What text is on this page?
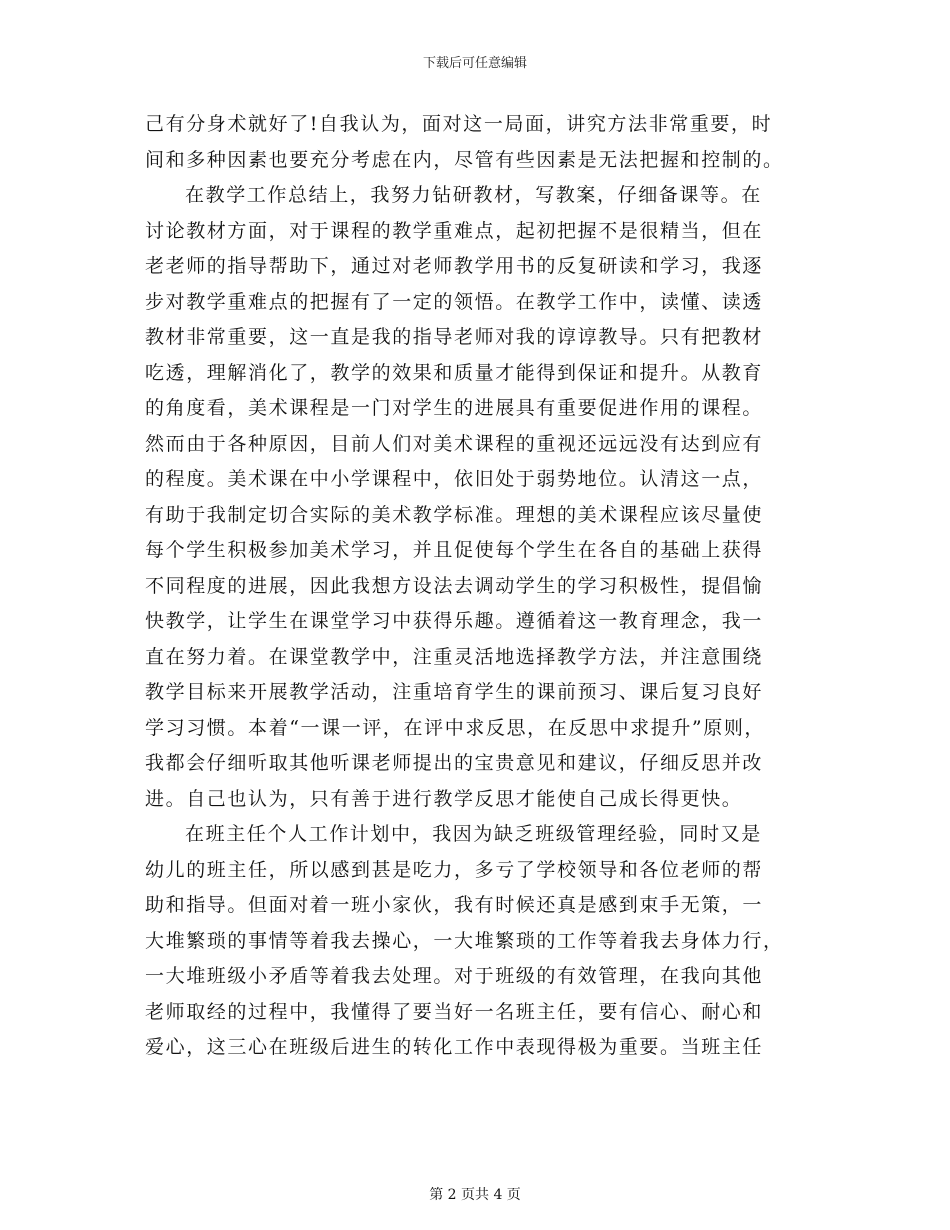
下载后可任意编辑
己有分身术就好了!自我认为，面对这一局面，讲究方法非常重要，时
间和多种因素也要充分考虑在内，尽管有些因素是无法把握和控制的。
在教学工作总结上，我努力钻研教材，写教案，仔细备课等。在
讨论教材方面，对于课程的教学重难点，起初把握不是很精当，但在
老老师的指导帮助下，通过对老师教学用书的反复研读和学习，我逐
步对教学重难点的把握有了一定的领悟。在教学工作中，读懂、读透
教材非常重要，这一直是我的指导老师对我的谆谆教导。只有把教材
吃透，理解消化了，教学的效果和质量才能得到保证和提升。从教育
的角度看，美术课程是一门对学生的进展具有重要促进作用的课程。
然而由于各种原因，目前人们对美术课程的重视还远远没有达到应有
的程度。美术课在中小学课程中，依旧处于弱势地位。认清这一点，
有助于我制定切合实际的美术教学标准。理想的美术课程应该尽量使
每个学生积极参加美术学习，并且促使每个学生在各自的基础上获得
不同程度的进展，因此我想方设法去调动学生的学习积极性，提倡愉
快教学，让学生在课堂学习中获得乐趣。遵循着这一教育理念，我一
直在努力着。在课堂教学中，注重灵活地选择教学方法，并注意围绕
教学目标来开展教学活动，注重培育学生的课前预习、课后复习良好
学习习惯。本着“一课一评，在评中求反思，在反思中求提升”原则，
我都会仔细听取其他听课老师提出的宝贵意见和建议，仔细反思并改
进。自己也认为，只有善于进行教学反思才能使自己成长得更快。
在班主任个人工作计划中，我因为缺乏班级管理经验，同时又是
幼儿的班主任，所以感到甚是吃力，多亏了学校领导和各位老师的帮
助和指导。但面对着一班小家伙，我有时候还真是感到束手无策，一
大堆繁琐的事情等着我去操心，一大堆繁琐的工作等着我去身体力行，
一大堆班级小矛盾等着我去处理。对于班级的有效管理，在我向其他
老师取经的过程中，我懂得了要当好一名班主任，要有信心、耐心和
爱心，这三心在班级后进生的转化工作中表现得极为重要。当班主任
第 2 页共 4 页
